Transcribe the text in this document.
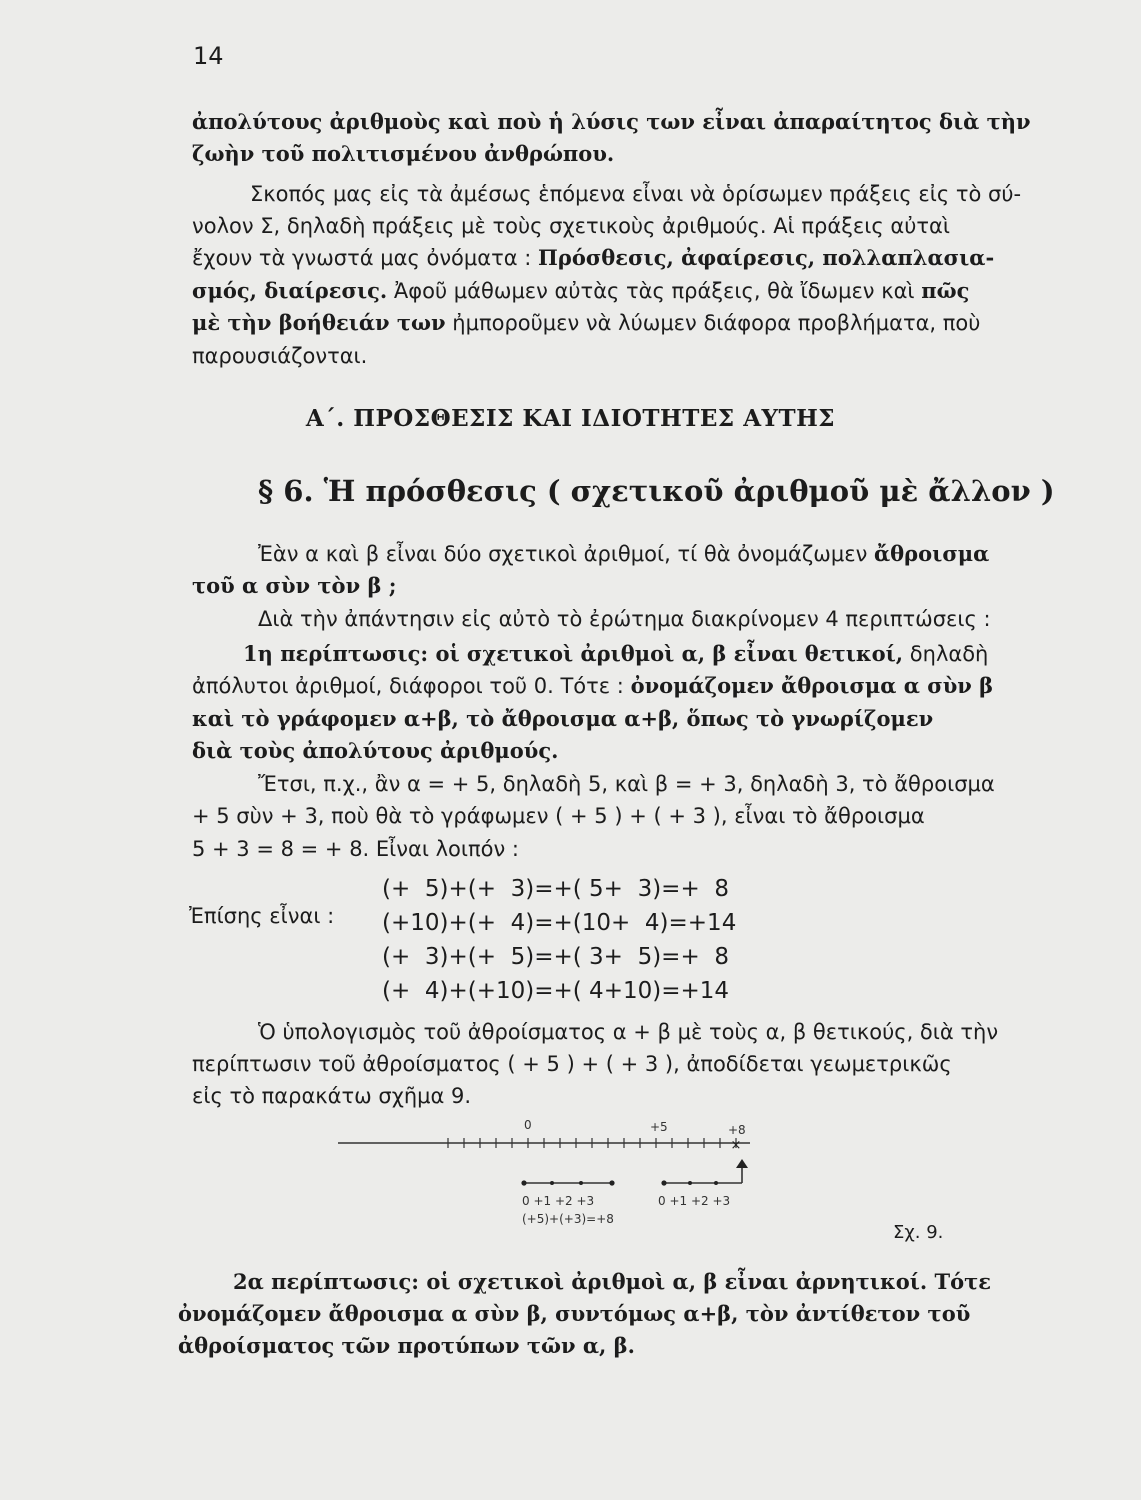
14
ἀπολύτους ἀριθμοὺς καὶ ποὺ ἡ λύσις των εἶναι ἀπαραίτητος διὰ τὴν
ζωὴν τοῦ πολιτισμένου ἀνθρώπου.
Σκοπός μας εἰς τὰ ἀμέσως ἑπόμενα εἶναι νὰ ὁρίσωμεν πράξεις εἰς τὸ σύ-
νολον Σ, δηλαδὴ πράξεις μὲ τοὺς σχετικοὺς ἀριθμούς. Αἱ πράξεις αὐταὶ
ἔχουν τὰ γνωστά μας ὀνόματα : Πρόσθεσις, ἀφαίρεσις, πολλαπλασια-
σμός, διαίρεσις. Ἀφοῦ μάθωμεν αὐτὰς τὰς πράξεις, θὰ ἴδωμεν καὶ πῶς
μὲ τὴν βοήθειάν των ἠμποροῦμεν νὰ λύωμεν διάφορα προβλήματα, ποὺ
παρουσιάζονται.
Α΄. ΠΡΟΣΘΕΣΙΣ ΚΑΙ ΙΔΙΟΤΗΤΕΣ ΑΥΤΗΣ
§ 6. Ἡ πρόσθεσις ( σχετικοῦ ἀριθμοῦ μὲ ἄλλον )
Ἐὰν α καὶ β εἶναι δύο σχετικοὶ ἀριθμοί, τί θὰ ὀνομάζωμεν ἄθροισμα
τοῦ α σὺν τὸν β ;
Διὰ τὴν ἀπάντησιν εἰς αὐτὸ τὸ ἐρώτημα διακρίνομεν 4 περιπτώσεις :
1η περίπτωσις: οἱ σχετικοὶ ἀριθμοὶ α, β εἶναι θετικοί, δηλαδὴ
ἀπόλυτοι ἀριθμοί, διάφοροι τοῦ 0. Τότε : ὀνομάζομεν ἄθροισμα α σὺν β
καὶ τὸ γράφομεν α+β, τὸ ἄθροισμα α+β, ὅπως τὸ γνωρίζομεν
διὰ τοὺς ἀπολύτους ἀριθμούς.
Ἔτσι, π.χ., ἂν α = + 5, δηλαδὴ 5, καὶ β = + 3, δηλαδὴ 3, τὸ ἄθροισμα
+ 5 σὺν + 3, ποὺ θὰ τὸ γράφωμεν ( + 5 ) + ( + 3 ), εἶναι τὸ ἄθροισμα
5 + 3 = 8 = + 8. Εἶναι λοιπόν :
Ἐπίσης εἶναι :
(+  5)+(+  3)=+( 5+  3)=+  8
(+10)+(+  4)=+(10+  4)=+14
(+  3)+(+  5)=+( 3+  5)=+  8
(+  4)+(+10)=+( 4+10)=+14
Ὁ ὑπολογισμὸς τοῦ ἀθροίσματος α + β μὲ τοὺς α, β θετικούς, διὰ τὴν
περίπτωσιν τοῦ ἀθροίσματος ( + 5 ) + ( + 3 ), ἀποδίδεται γεωμετρικῶς
εἰς τὸ παρακάτω σχῆμα 9.
0	+5	+8
×
0 +1 +2 +3	0 +1 +2 +3
(+5)+(+3)=+8
Σχ. 9.
2α περίπτωσις: οἱ σχετικοὶ ἀριθμοὶ α, β εἶναι ἀρνητικοί. Τότε
ὀνομάζομεν ἄθροισμα α σὺν β, συντόμως α+β, τὸν ἀντίθετον τοῦ
ἀθροίσματος τῶν προτύπων τῶν α, β.
